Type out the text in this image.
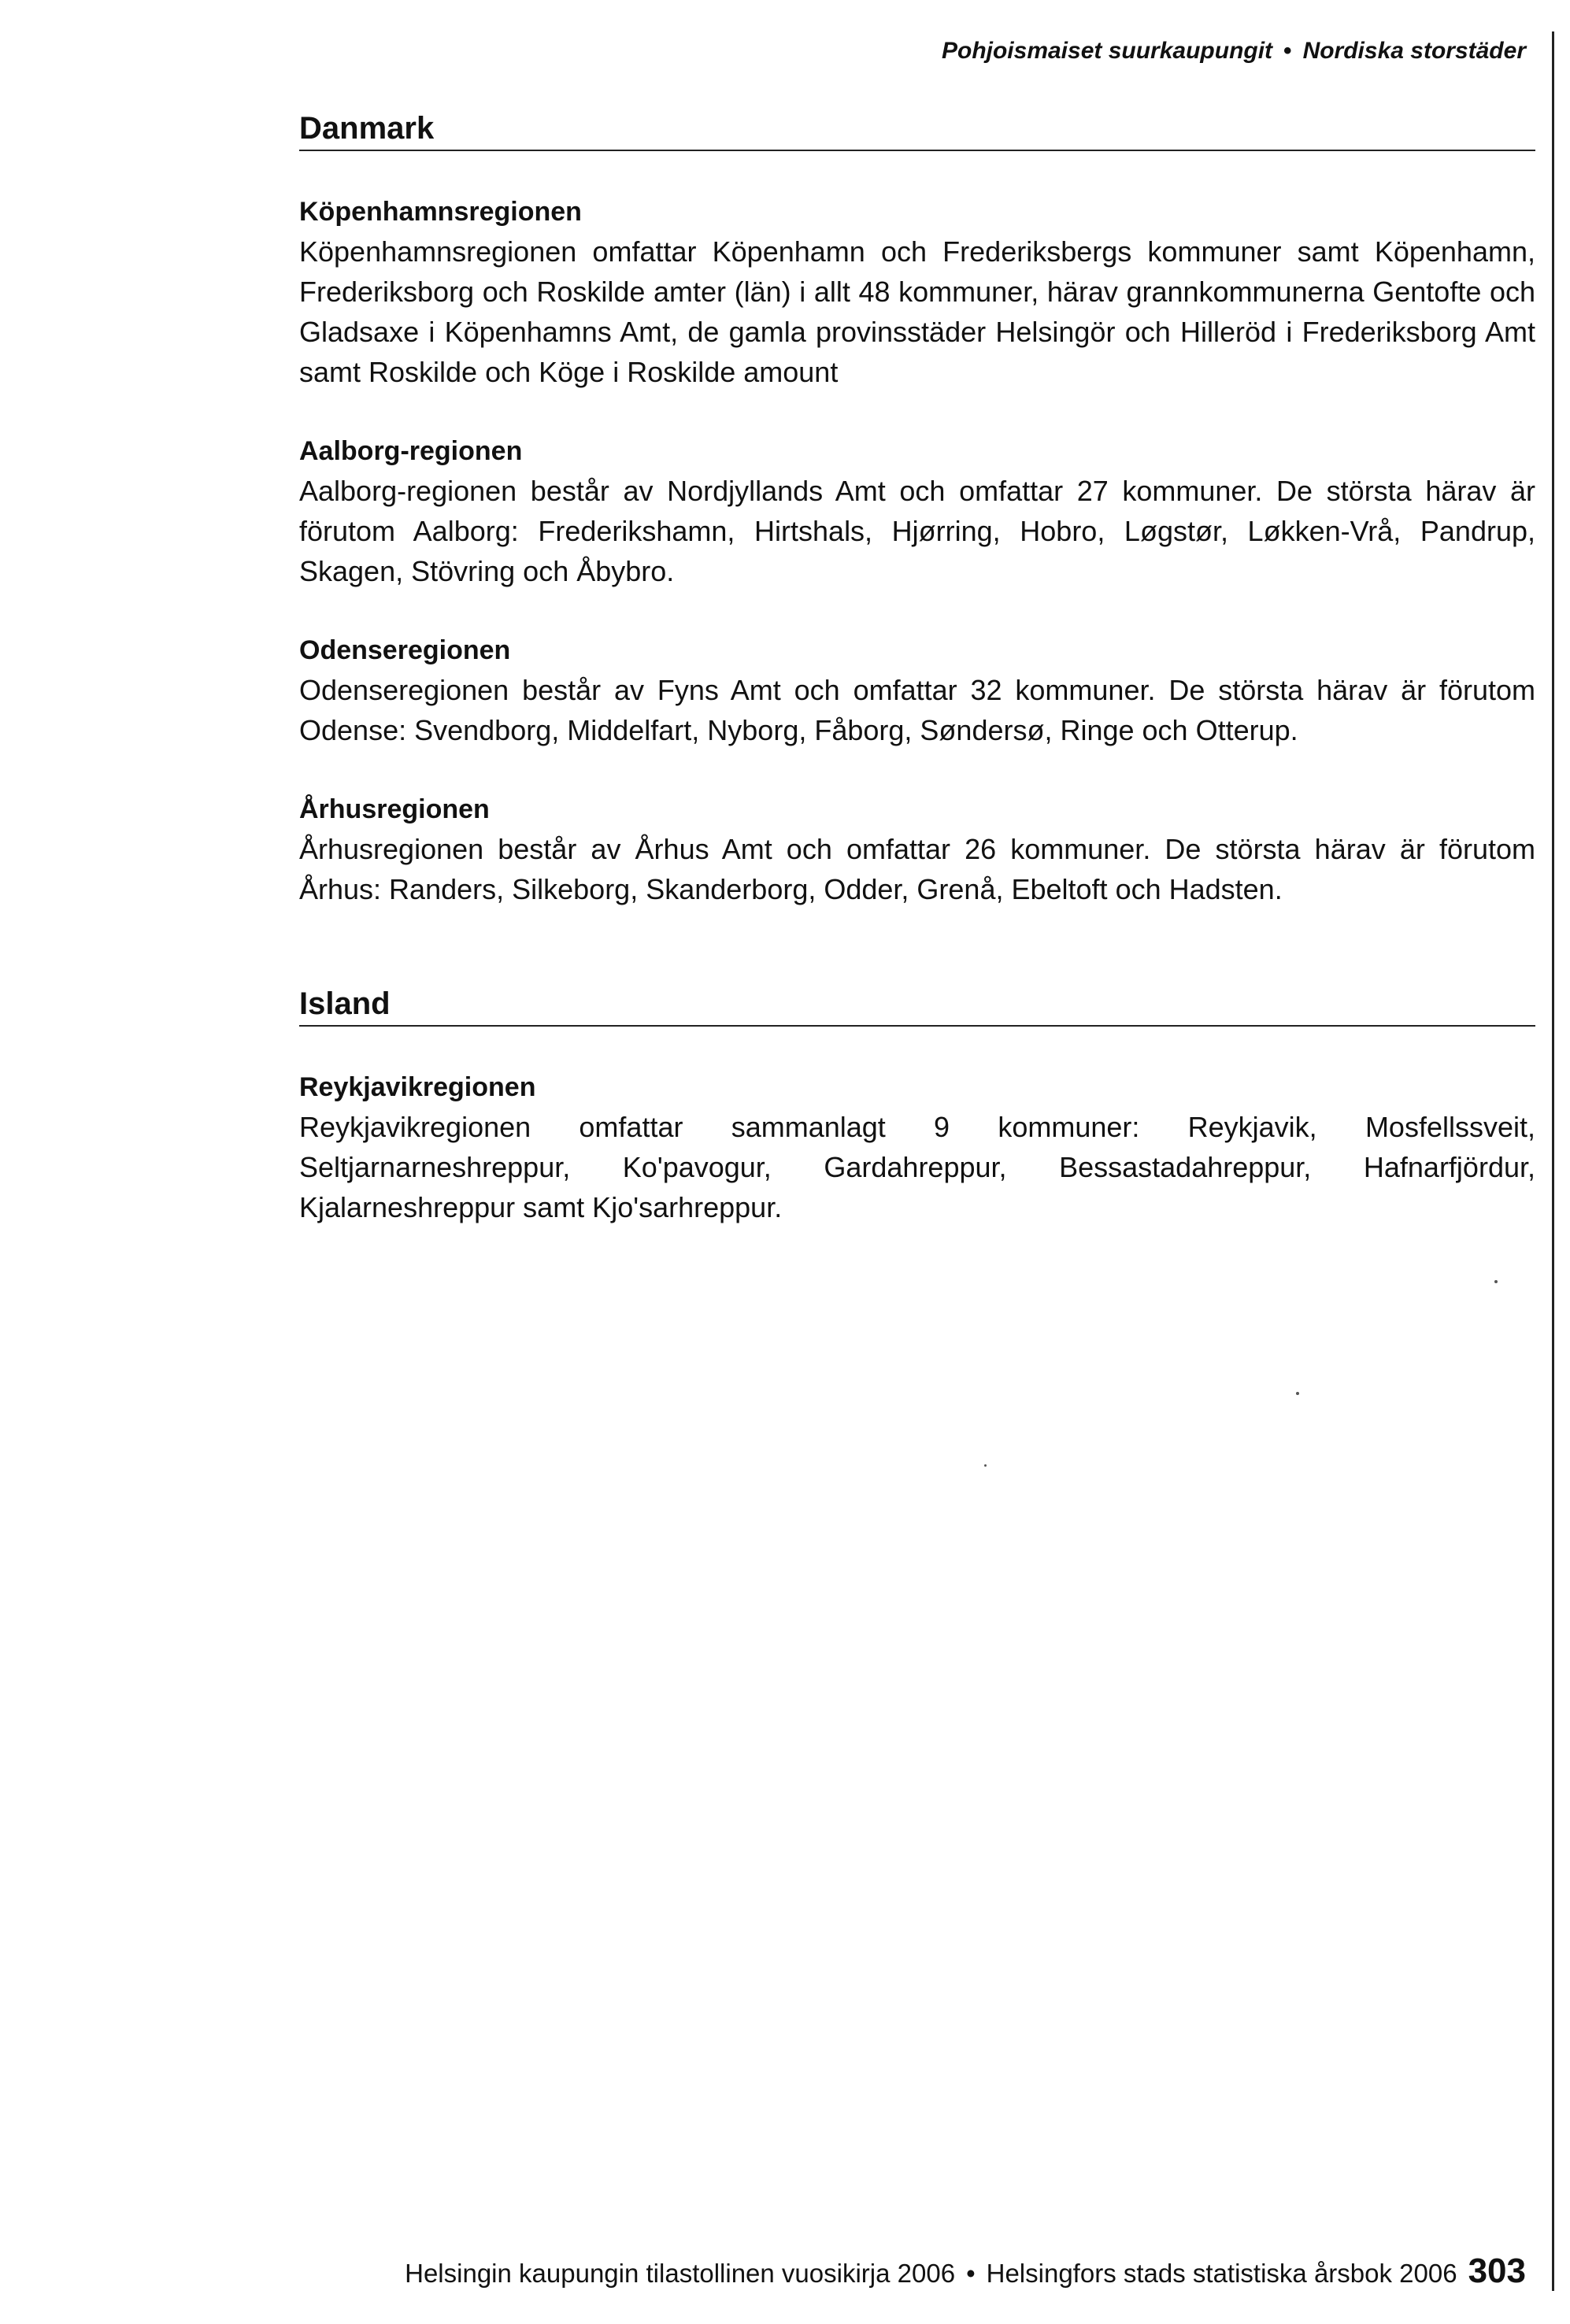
Pohjoismaiset suurkaupungit • Nordiska storstäder
Danmark
Köpenhamnsregionen

Köpenhamnsregionen omfattar Köpenhamn och Frederiksbergs kommuner samt Köpenhamn, Frederiksborg och Roskilde amter (län) i allt 48 kommuner, härav grannkommunerna Gentofte och Gladsaxe i Köpenhamns Amt, de gamla provinsstäder Helsingör och Hilleröd i Frederiksborg Amt samt Roskilde och Köge i Roskilde amount

Aalborg-regionen

Aalborg-regionen består av Nordjyllands Amt och omfattar 27 kommuner. De största härav är förutom Aalborg: Frederikshamn, Hirtshals, Hjørring, Hobro, Løgstør, Løkken-Vrå, Pandrup, Skagen, Stövring och Åbybro.

Odenseregionen

Odenseregionen består av Fyns Amt och omfattar 32 kommuner. De största härav är förutom Odense: Svendborg, Middelfart, Nyborg, Fåborg, Søndersø, Ringe och Otterup.

Århusregionen

Århusregionen består av Århus Amt och omfattar 26 kommuner. De största härav är förutom Århus: Randers, Silkeborg, Skanderborg, Odder, Grenå, Ebeltoft och Hadsten.

Island
Reykjavikregionen

Reykjavikregionen omfattar sammanlagt 9 kommuner: Reykjavik, Mosfellssveit, Seltjarnarneshreppur, Ko'pavogur, Gardahreppur, Bessastadahreppur, Hafnarfjördur, Kjalarneshreppur samt Kjo'sarhreppur.

Helsingin kaupungin tilastollinen vuosikirja 2006 • Helsingfors stads statistiska årsbok 2006 303
